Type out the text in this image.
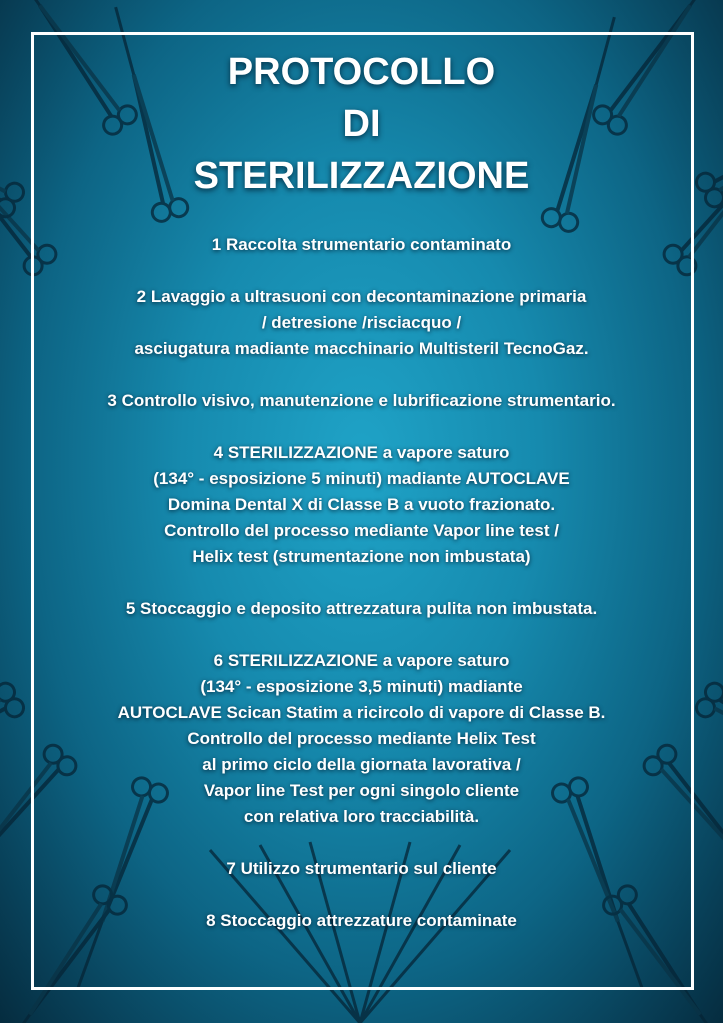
PROTOCOLLO
DI
STERILIZZAZIONE
1 Raccolta strumentario contaminato
2 Lavaggio a ultrasuoni con decontaminazione primaria
/ detresione /risciacquo /
asciugatura madiante macchinario Multisteril TecnoGaz.
3 Controllo visivo, manutenzione e lubrificazione strumentario.
4 STERILIZZAZIONE a vapore saturo
(134° - esposizione 5 minuti) madiante AUTOCLAVE
Domina Dental X di Classe B a vuoto frazionato.
Controllo del processo mediante Vapor line test /
Helix test (strumentazione non imbustata)
5 Stoccaggio e deposito attrezzatura pulita non imbustata.
6 STERILIZZAZIONE a vapore saturo
(134° - esposizione 3,5 minuti) madiante
AUTOCLAVE Scican Statim a ricircolo di vapore di Classe B.
Controllo del processo mediante Helix Test
al primo ciclo della giornata lavorativa /
Vapor line Test per ogni singolo cliente
con relativa loro tracciabilità.
7 Utilizzo strumentario sul cliente
8 Stoccaggio attrezzature contaminate
